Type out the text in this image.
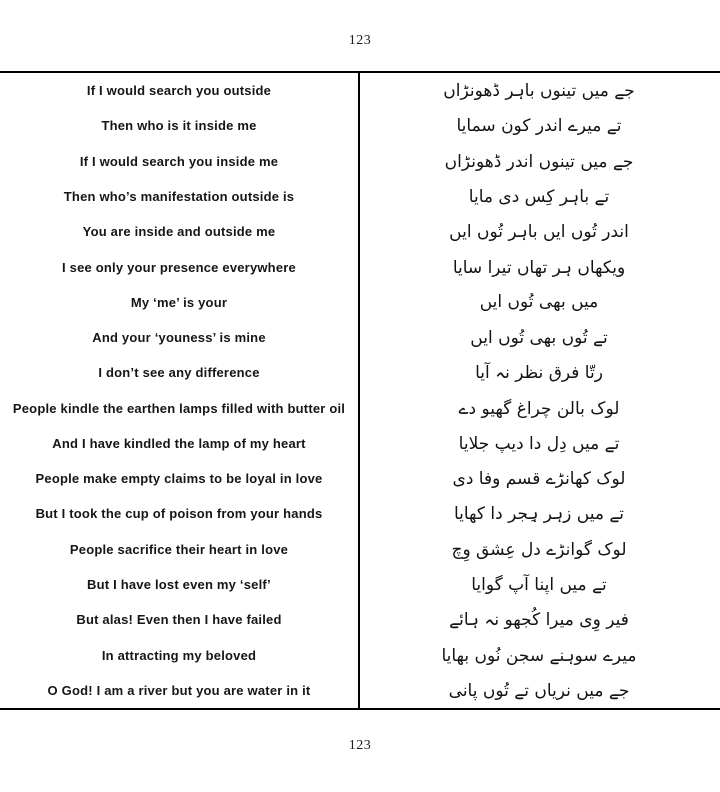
123
If I would search you outside
Then who is it inside me
If I would search you inside me
Then who’s manifestation outside is
You are inside and outside me
I see only your presence everywhere
My ‘me’ is your
And your ‘youness’ is mine
I don’t see any difference
People kindle the earthen lamps filled with butter oil
And I have kindled the lamp of my heart
People make empty claims to be loyal in love
But I took the cup of poison from your hands
People sacrifice their heart in love
But I have lost even my ‘self’
But alas! Even then I have failed
In attracting my beloved
O God! I am a river but you are water in it
جے میں تینوں باہر ڈھونڑاں
تے میرے اندر کون سمایا
جے میں تینوں اندر ڈھونڑاں
تے باہر کِس دی مایا
اندر تُوں ایں باہر تُوں ایں
ویکھاں ہر تھاں تیرا سایا
میں بھی تُوں ایں
تے تُوں بھی تُوں ایں
رتّا فرق نظر نہ آیا
لوک بالن چراغ گھیو دے
تے میں دِل دا دیپ جلایا
لوک کھانڑے قسم وفا دی
تے میں زہر ہِجر دا کھایا
لوک گوانڑے دل عِشق وِچ
تے میں اپنا آپ گوایا
فیر وِی میرا کُجھو نہ ہائے
میرے سوہنے سجن نُوں بھایا
جے میں نریاں تے تُوں پانی
123
